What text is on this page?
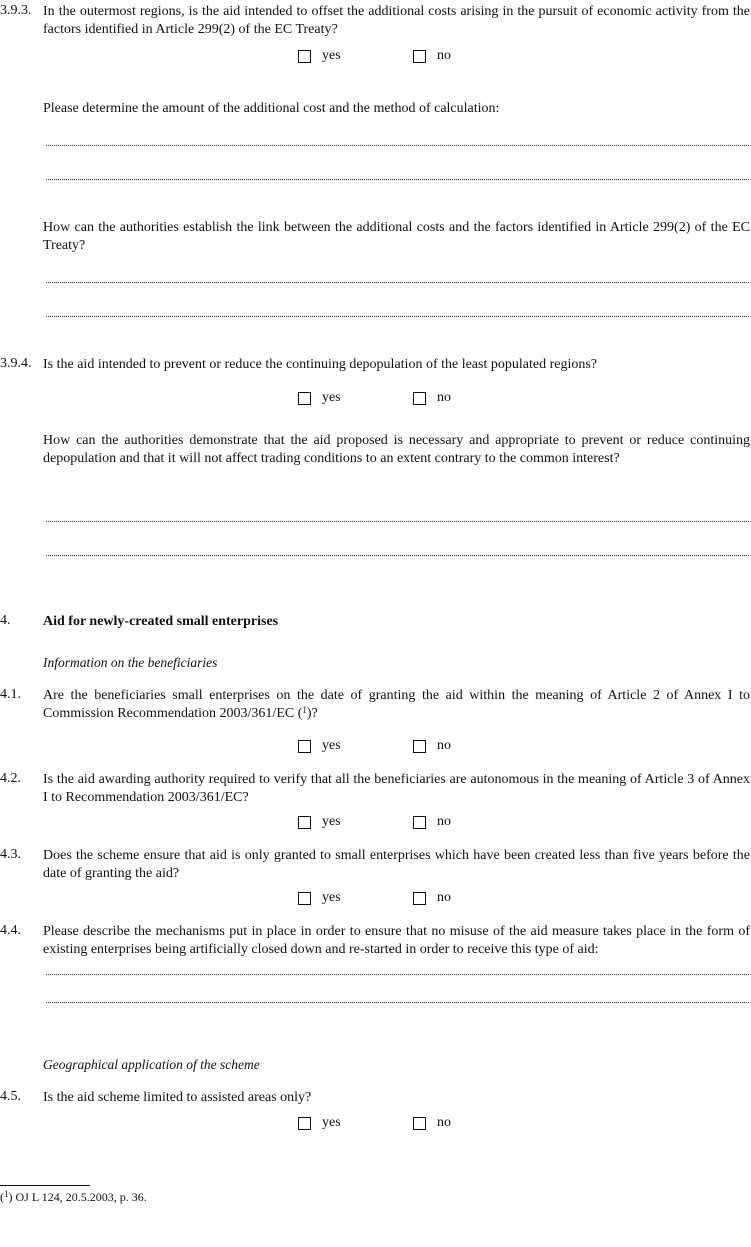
3.9.3. In the outermost regions, is the aid intended to offset the additional costs arising in the pursuit of economic activity from the factors identified in Article 299(2) of the EC Treaty?
yes	no
Please determine the amount of the additional cost and the method of calculation:
How can the authorities establish the link between the additional costs and the factors identified in Article 299(2) of the EC Treaty?
3.9.4. Is the aid intended to prevent or reduce the continuing depopulation of the least populated regions?
yes	no
How can the authorities demonstrate that the aid proposed is necessary and appropriate to prevent or reduce continuing depopulation and that it will not affect trading conditions to an extent contrary to the common interest?
4.	Aid for newly-created small enterprises
Information on the beneficiaries
4.1.	Are the beneficiaries small enterprises on the date of granting the aid within the meaning of Article 2 of Annex I to Commission Recommendation 2003/361/EC ($^1$)?
yes	no
4.2.	Is the aid awarding authority required to verify that all the beneficiaries are autonomous in the meaning of Article 3 of Annex I to Recommendation 2003/361/EC?
yes	no
4.3.	Does the scheme ensure that aid is only granted to small enterprises which have been created less than five years before the date of granting the aid?
yes	no
4.4.	Please describe the mechanisms put in place in order to ensure that no misuse of the aid measure takes place in the form of existing enterprises being artificially closed down and re-started in order to receive this type of aid:
Geographical application of the scheme
4.5.	Is the aid scheme limited to assisted areas only?
yes	no
($^1$) OJ L 124, 20.5.2003, p. 36.
